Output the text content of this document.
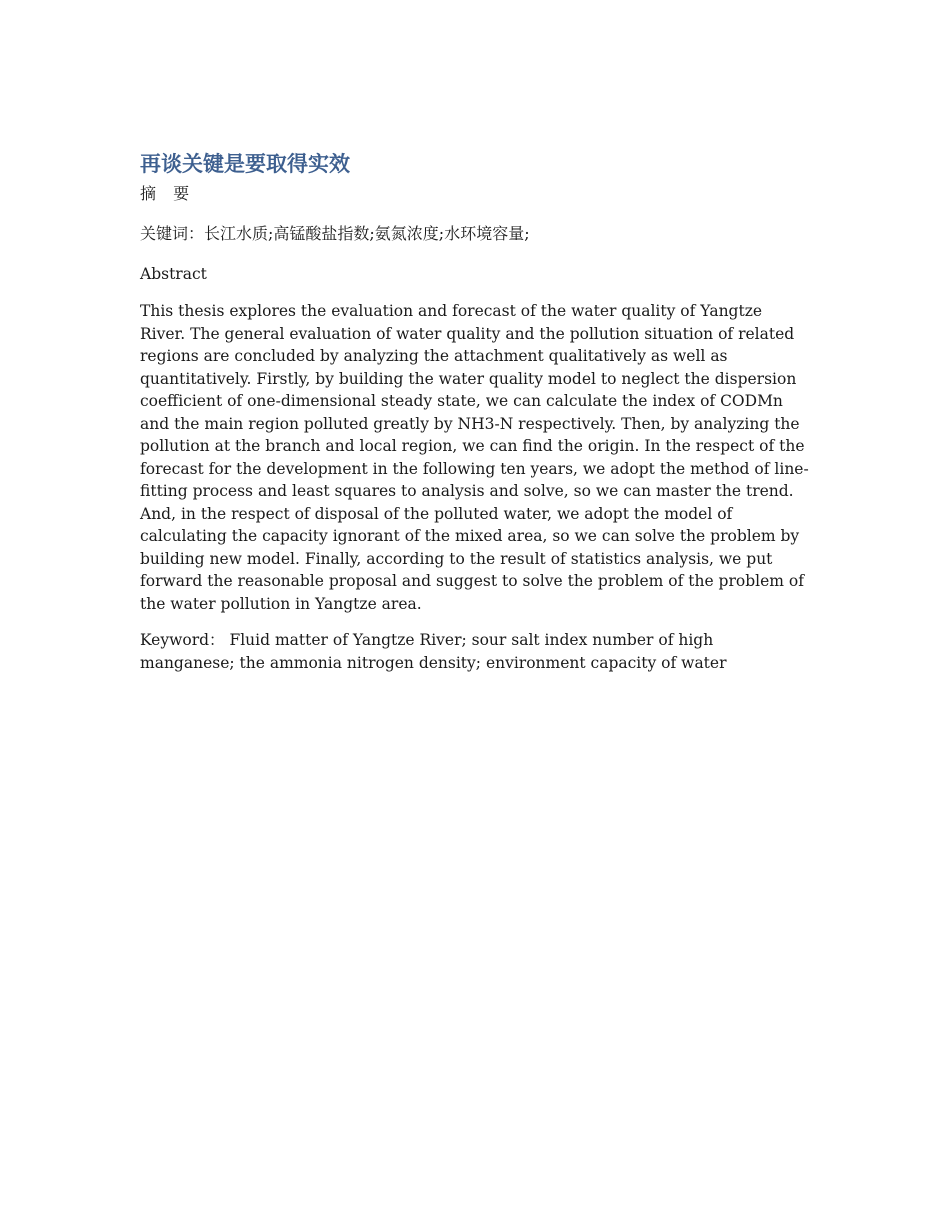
再谈关键是要取得实效
摘 要

关键词：长江水质;高锰酸盐指数;氨氮浓度;水环境容量;

Abstract

This thesis explores the evaluation and forecast of the water quality of Yangtze River. The general evaluation of water quality and the pollution situation of related regions are concluded by analyzing the attachment qualitatively as well as quantitatively. Firstly, by building the water quality model to neglect the dispersion coefficient of one-dimensional steady state, we can calculate the index of CODMn and the main region polluted greatly by NH3-N respectively. Then, by analyzing the pollution at the branch and local region, we can find the origin. In the respect of the forecast for the development in the following ten years, we adopt the method of line-fitting process and least squares to analysis and solve, so we can master the trend. And, in the respect of disposal of the polluted water, we adopt the model of calculating the capacity ignorant of the mixed area, so we can solve the problem by building new model. Finally, according to the result of statistics analysis, we put forward the reasonable proposal and suggest to solve the problem of the problem of the water pollution in Yangtze area.

Keyword： Fluid matter of Yangtze River; sour salt index number of high manganese; the ammonia nitrogen density; environment capacity of water
